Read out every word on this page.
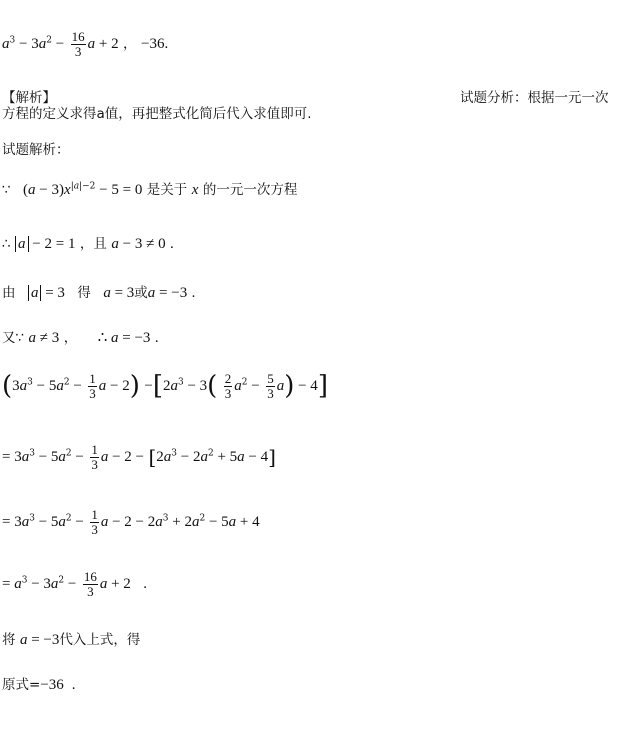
$a^3 - 3a^2 - \frac{16}{3}$ a + 2 ， −36.
【解析】	试题分析：根据一元一次
方程的定义求得a值，再把整式化简后代入求值即可.
试题解析：
∵ $(a - 3)x^{|a|-2} - 5 = 0$ 是关于 x 的一元一次方程
∴ a − 2 = 1 ，且 a − 3 ≠ 0 .
由 a = 3 得 a = 3或a = −3 .
又∵ a ≠ 3 ， ∴ a = −3 .
($3a^3 - 5a^2 - \frac{1}{3}$ $a - 2) -[2a^3 - 3( \frac{2}{3} a^2 - \frac{5}{3} a) - 4]$
= $3a^3 - 5a^2 - \frac{1}{3}$ $a - 2 - [2a^3 - 2a^2 + 5a - 4]$
= $3a^3 - 5a^2 - \frac{1}{3}$ $a - 2 - 2a^3 + 2a^2 - 5a + 4$
= $a^3 - 3a^2 - \frac{16}{3}$ a + 2 .
将 a = −3代入上式，得
原式=−36 .
